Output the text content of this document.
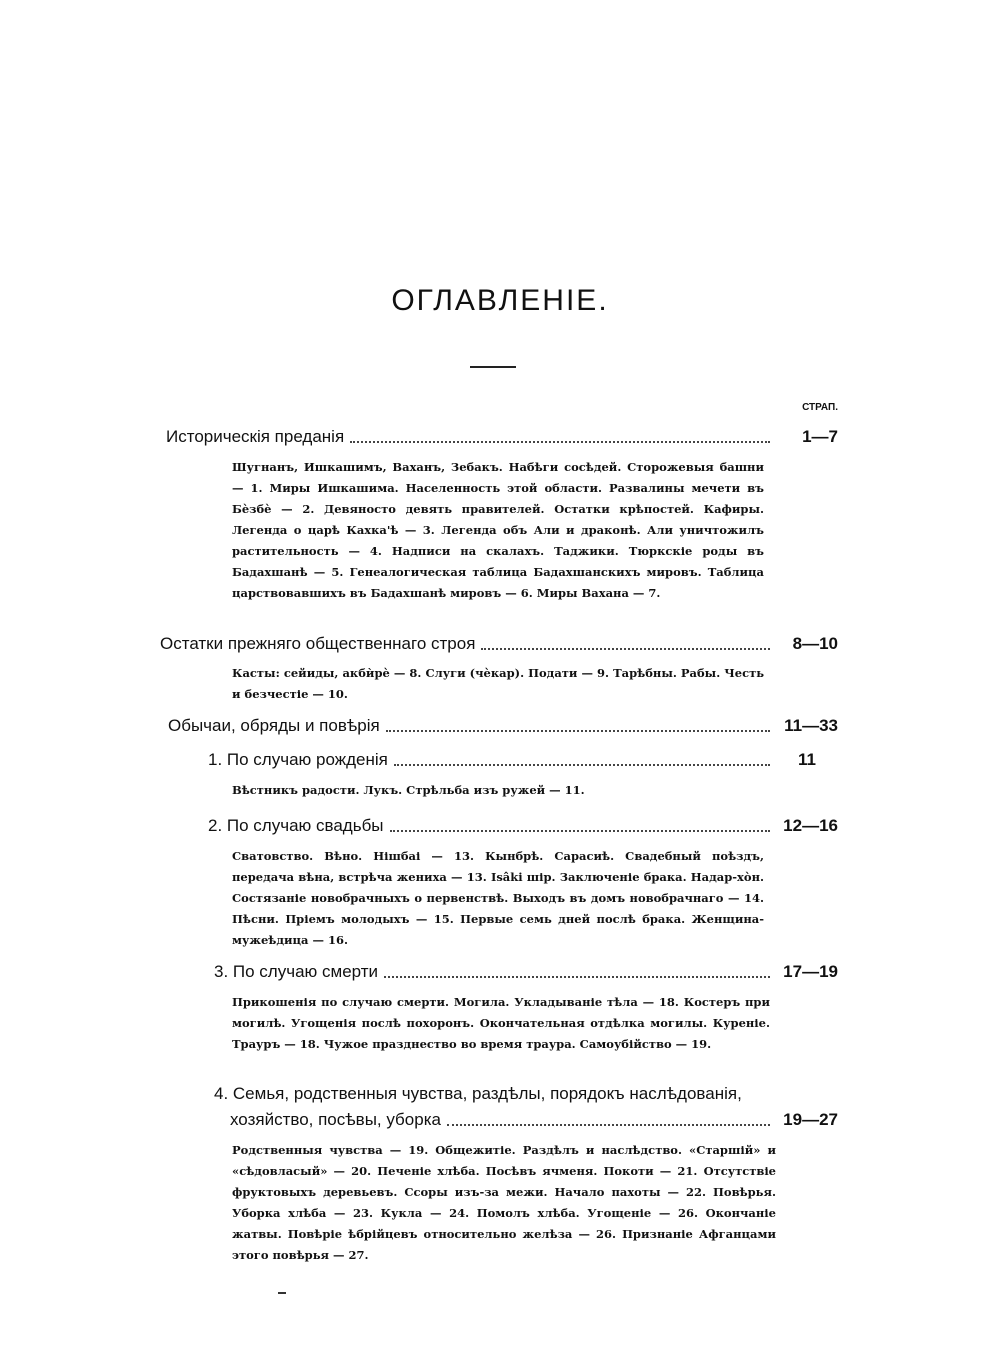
ОГЛАВЛЕНІЕ.
СТРАП.
Историческія преданія	1—7
Шугнанъ, Ишкашимъ, Ваханъ, Зебакъ. Набѣги сосѣдей. Сторожевыя башни — 1. Миры Ишкашима. Населенность этой области. Развалины мечети въ Бѐзбѐ — 2. Девяносто девять правителей. Остатки крѣпостей. Кафиры. Легенда о царѣ Кахка'ѣ — 3. Легенда объ Али и драконѣ. Али уничтожилъ растительность — 4. Надписи на скалахъ. Таджики. Тюркскіе роды въ Бадахшанѣ — 5. Генеалогическая таблица Бадахшанскихъ мировъ. Таблица царствовавшихъ въ Бадахшанѣ мировъ — 6. Миры Вахана — 7.
Остатки прежняго общественнаго строя	8—10
Касты: сейиды, акбѝрѐ — 8. Слуги (чѐкар). Подати — 9. Тарѣбны. Рабы. Честь и безчестіе — 10.
Обычаи, обряды и повѣрія	11—33
1. По случаю рожденія	11
Вѣстникъ радости. Лукъ. Стрѣльба изъ ружей — 11.
2. По случаю свадьбы	12—16
Сватовство. Вѣно. Нішбаі — 13. Кынбрѣ. Сарасиѣ. Свадебный поѣздъ, передача вѣна, встрѣча жениха — 13. Isâki шір. Заключеніе брака. Надар-хòн. Состязаніе новобрачныхъ о первенствѣ. Выходъ въ домъ новобрачнаго — 14. Пѣсни. Пріемъ молодыхъ — 15. Первые семь дней послѣ брака. Женщина-мужеѣдица — 16.
3. По случаю смерти	17—19
Прикошенія по случаю смерти. Могила. Укладываніе тѣла — 18. Костеръ при могилѣ. Угощенія послѣ похоронъ. Окончательная отдѣлка могилы. Куреніе. Трауръ — 18. Чужое празднество во время траура. Самоубійство — 19.
4. Семья, родственныя чувства, раздѣлы, порядокъ наслѣдованія,
хозяйство, посѣвы, уборка	19—27
Родственныя чувства — 19. Общежитіе. Раздѣлъ и наслѣдство. «Старшій» и «сѣдовласый» — 20. Печеніе хлѣба. Посѣвъ ячменя. Покоти — 21. Отсутствіе фруктовыхъ деревьевъ. Ссоры изъ-за межи. Начало пахоты — 22. Повѣрья. Уборка хлѣба — 23. Кукла — 24. Помолъ хлѣба. Угощеніе — 26. Окончаніе жатвы. Повѣріе ѣбрійцевъ относительно желѣза — 26. Признаніе Афганцами этого повѣрья — 27.
